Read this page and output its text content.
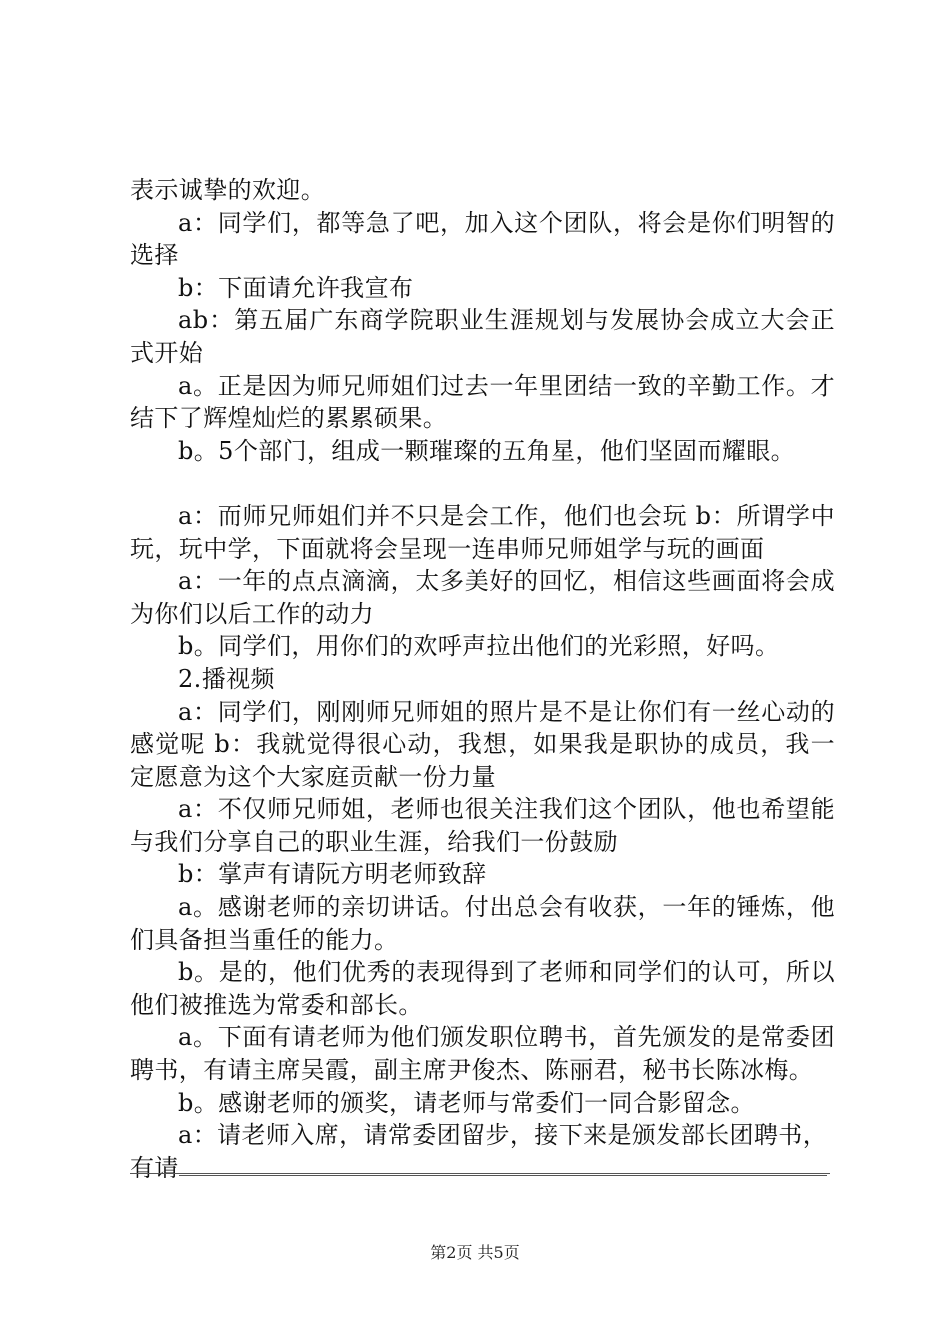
表示诚挚的欢迎。

a：同学们，都等急了吧，加入这个团队，将会是你们明智的选择

b：下面请允许我宣布

ab：第五届广东商学院职业生涯规划与发展协会成立大会正式开始

a。正是因为师兄师姐们过去一年里团结一致的辛勤工作。才结下了辉煌灿烂的累累硕果。

b。5个部门，组成一颗璀璨的五角星，他们坚固而耀眼。

a：而师兄师姐们并不只是会工作，他们也会玩 b：所谓学中玩，玩中学，下面就将会呈现一连串师兄师姐学与玩的画面

a：一年的点点滴滴，太多美好的回忆，相信这些画面将会成为你们以后工作的动力

b。同学们，用你们的欢呼声拉出他们的光彩照，好吗。

2.播视频

a：同学们，刚刚师兄师姐的照片是不是让你们有一丝心动的感觉呢 b：我就觉得很心动，我想，如果我是职协的成员，我一定愿意为这个大家庭贡献一份力量

a：不仅师兄师姐，老师也很关注我们这个团队，他也希望能与我们分享自己的职业生涯，给我们一份鼓励

b：掌声有请阮方明老师致辞

a。感谢老师的亲切讲话。付出总会有收获，一年的锤炼，他们具备担当重任的能力。

b。是的，他们优秀的表现得到了老师和同学们的认可，所以他们被推选为常委和部长。

a。下面有请老师为他们颁发职位聘书，首先颁发的是常委团聘书，有请主席吴霞，副主席尹俊杰、陈丽君，秘书长陈冰梅。

b。感谢老师的颁奖，请老师与常委们一同合影留念。

a：请老师入席，请常委团留步，接下来是颁发部长团聘书，

有请

第2页 共5页
